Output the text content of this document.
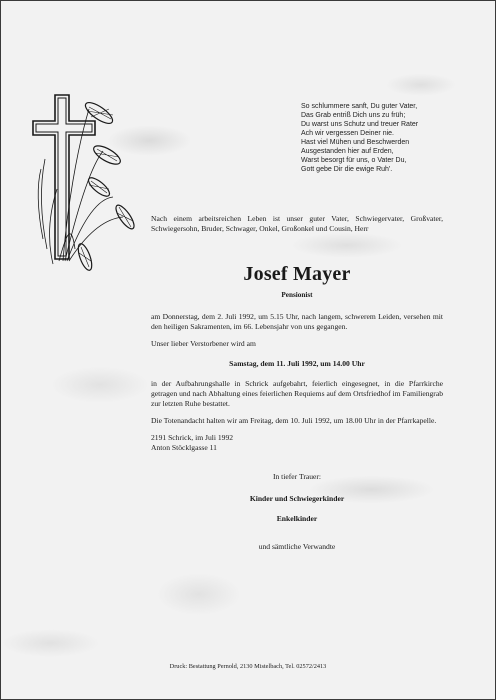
So schlummere sanft, Du guter Vater,
Das Grab entriß Dich uns zu früh;
Du warst uns Schutz und treuer Rater
Ach wir vergessen Deiner nie.
Hast viel Mühen und Beschwerden
Ausgestanden hier auf Erden,
Warst besorgt für uns, o Vater Du,
Gott gebe Dir die ewige Ruh'.
Nach einem arbeitsreichen Leben ist unser guter Vater, Schwiegervater, Großvater, Schwiegersohn, Bruder, Schwager, Onkel, Großonkel und Cousin, Herr
Josef Mayer
Pensionist

am Donnerstag, dem 2. Juli 1992, um 5.15 Uhr, nach langem, schwerem Leiden, versehen mit den heiligen Sakramenten, im 66. Lebensjahr von uns gegangen.

Unser lieber Verstorbener wird am

Samstag, dem 11. Juli 1992, um 14.00 Uhr

in der Aufbahrungshalle in Schrick aufgebahrt, feierlich eingesegnet, in die Pfarrkirche getragen und nach Abhaltung eines feierlichen Requiems auf dem Ortsfriedhof im Familiengrab zur letzten Ruhe bestattet.

Die Totenandacht halten wir am Freitag, dem 10. Juli 1992, um 18.00 Uhr in der Pfarrkapelle.

2191 Schrick, im Juli 1992

Anton Stöcklgasse 11

In tiefer Trauer:

Kinder und Schwiegerkinder

Enkelkinder

und sämtliche Verwandte

Druck: Bestattung Pernold, 2130 Mistelbach, Tel. 02572/2413
